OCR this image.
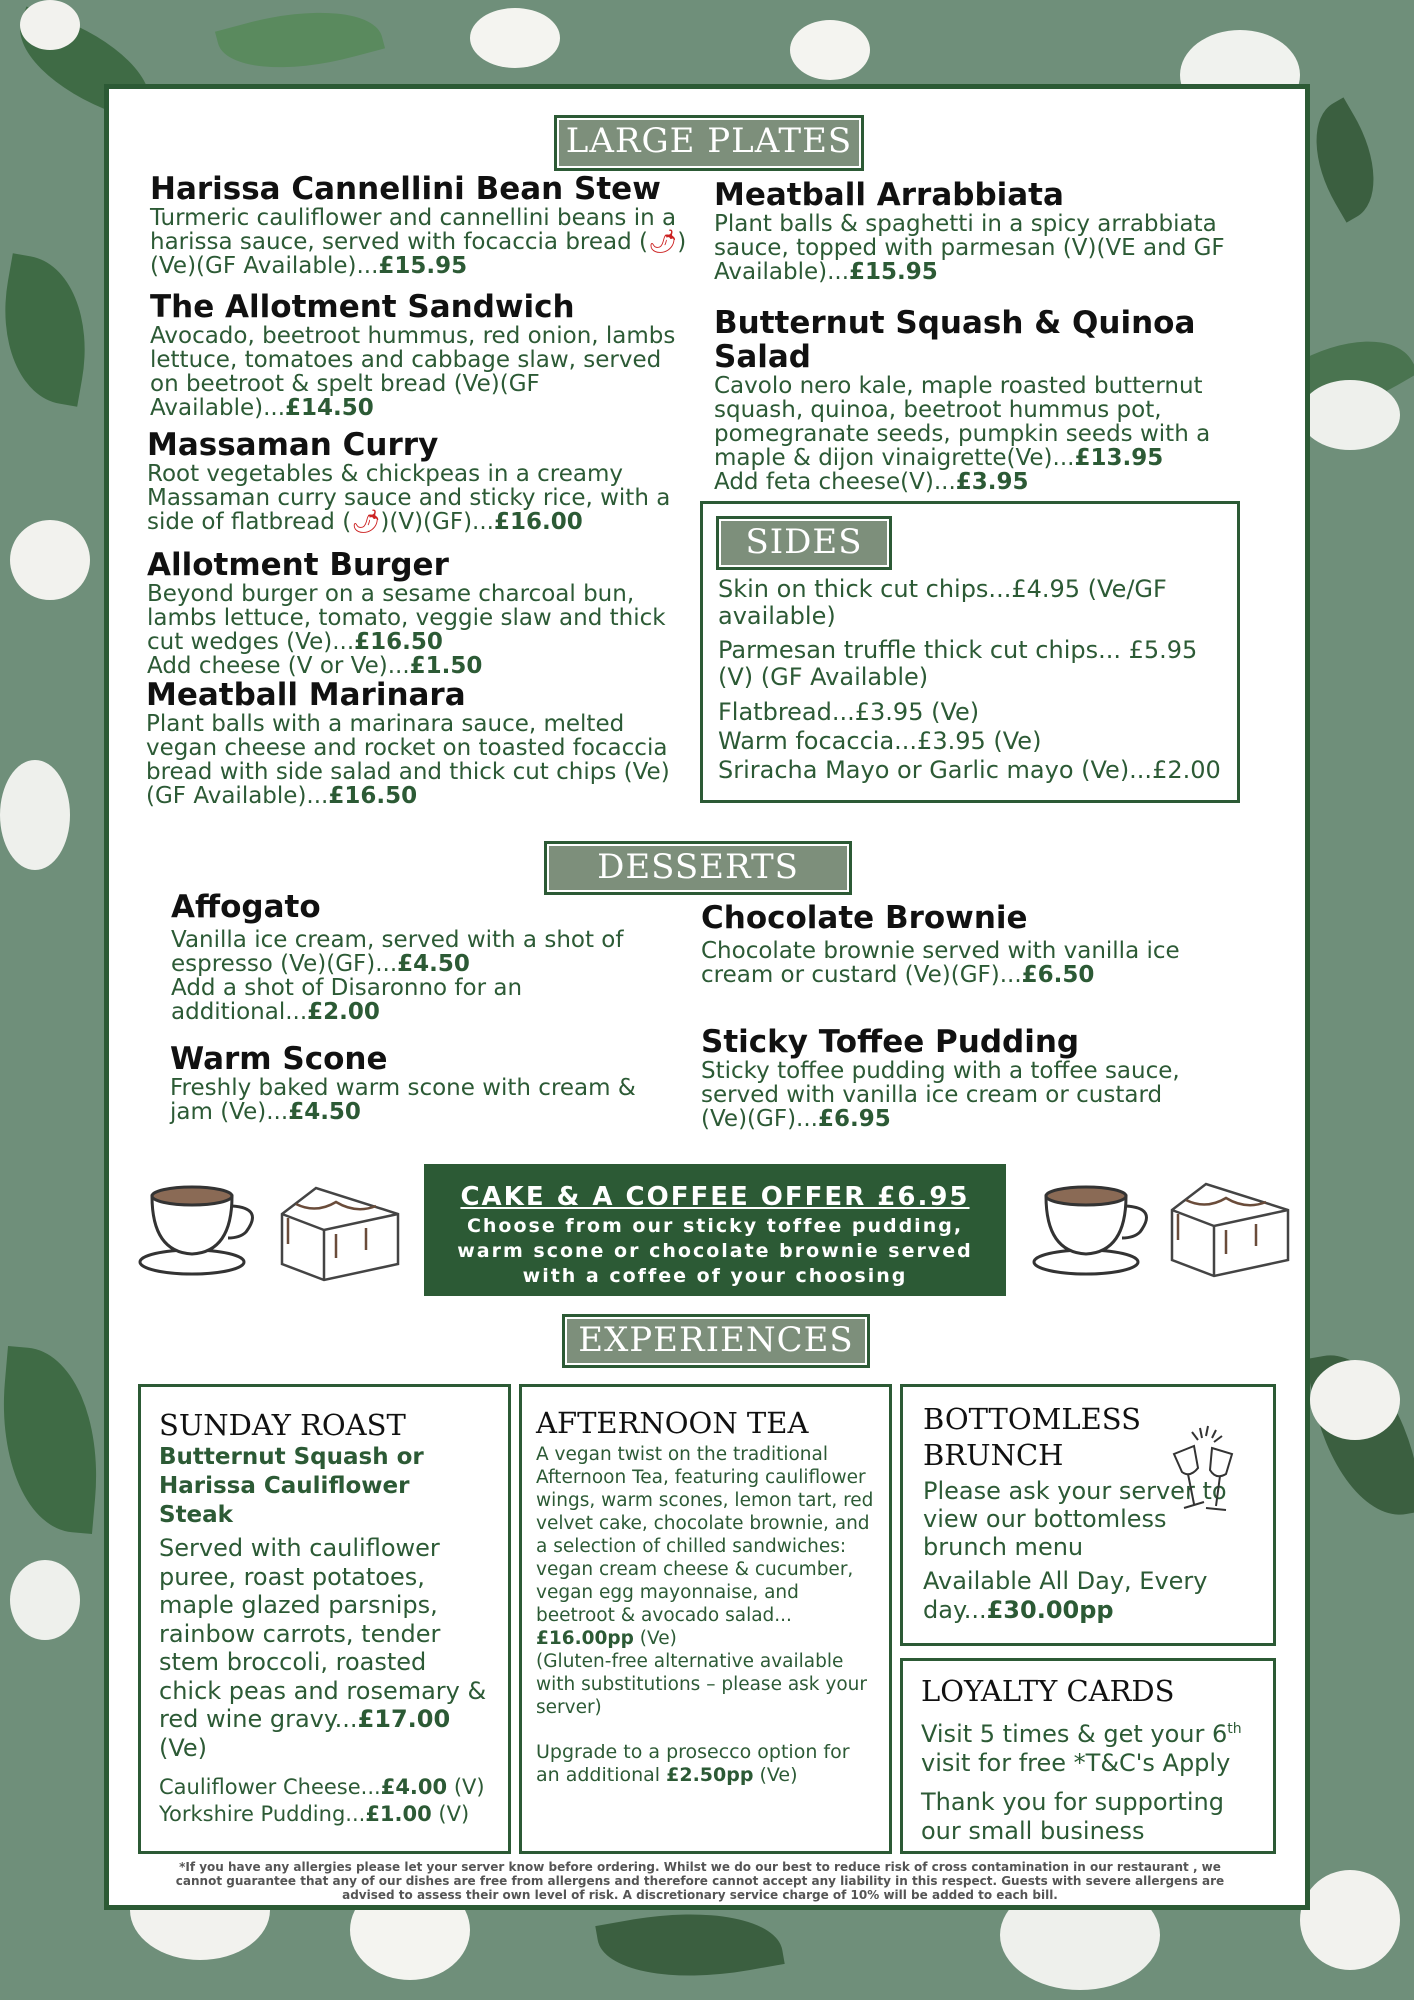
LARGE PLATES
Harissa Cannellini Bean Stew

Turmeric cauliflower and cannellini beans in a harissa sauce, served with focaccia bread (🌶) (Ve)(GF Available)...£15.95

The Allotment Sandwich

Avocado, beetroot hummus, red onion, lambs lettuce, tomatoes and cabbage slaw, served on beetroot & spelt bread (Ve)(GF Available)...£14.50

Massaman Curry

Root vegetables & chickpeas in a creamy Massaman curry sauce and sticky rice, with a side of flatbread (🌶)(V)(GF)...£16.00

Allotment Burger

Beyond burger on a sesame charcoal bun, lambs lettuce, tomato, veggie slaw and thick cut wedges (Ve)...£16.50
Add cheese (V or Ve)...£1.50

Meatball Marinara

Plant balls with a marinara sauce, melted vegan cheese and rocket on toasted focaccia bread with side salad and thick cut chips (Ve)(GF Available)...£16.50

Meatball Arrabbiata

Plant balls & spaghetti in a spicy arrabbiata sauce, topped with parmesan (V)(VE and GF Available)...£15.95

Butternut Squash & Quinoa Salad

Cavolo nero kale, maple roasted butternut squash, quinoa, beetroot hummus pot, pomegranate seeds, pumpkin seeds with a maple & dijon vinaigrette(Ve)...£13.95
Add feta cheese(V)...£3.95

SIDES
Skin on thick cut chips...£4.95 (Ve/GF available)
Parmesan truffle thick cut chips... £5.95 (V) (GF Available)
Flatbread...£3.95 (Ve)
Warm focaccia...£3.95 (Ve)
Sriracha Mayo or Garlic mayo (Ve)...£2.00
DESSERTS
Affogato

Vanilla ice cream, served with a shot of espresso (Ve)(GF)...£4.50
Add a shot of Disaronno for an additional...£2.00

Warm Scone

Freshly baked warm scone with cream & jam (Ve)...£4.50

Chocolate Brownie

Chocolate brownie served with vanilla ice cream or custard (Ve)(GF)...£6.50

Sticky Toffee Pudding

Sticky toffee pudding with a toffee sauce, served with vanilla ice cream or custard (Ve)(GF)...£6.95

CAKE & A COFFEE OFFER £6.95
Choose from our sticky toffee pudding,
warm scone or chocolate brownie served
with a coffee of your choosing
EXPERIENCES
SUNDAY ROAST
Butternut Squash or Harissa Cauliflower Steak
Served with cauliflower puree, roast potatoes, maple glazed parsnips, rainbow carrots, tender stem broccoli, roasted chick peas and rosemary & red wine gravy...£17.00 (Ve)
Cauliflower Cheese...£4.00 (V)
Yorkshire Pudding...£1.00 (V)
AFTERNOON TEA
A vegan twist on the traditional Afternoon Tea, featuring cauliflower wings, warm scones, lemon tart, red velvet cake, chocolate brownie, and a selection of chilled sandwiches: vegan cream cheese & cucumber, vegan egg mayonnaise, and beetroot & avocado salad...
£16.00pp (Ve)
(Gluten-free alternative available with substitutions – please ask your server)
Upgrade to a prosecco option for an additional £2.50pp (Ve)
BOTTOMLESS
BRUNCH
Please ask your server to view our bottomless brunch menu
Available All Day, Every day...£30.00pp
LOYALTY CARDS
Visit 5 times & get your 6th visit for free *T&C's Apply
Thank you for supporting our small business
*If you have any allergies please let your server know before ordering. Whilst we do our best to reduce risk of cross contamination in our restaurant , we cannot guarantee that any of our dishes are free from allergens and therefore cannot accept any liability in this respect. Guests with severe allergens are advised to assess their own level of risk. A discretionary service charge of 10% will be added to each bill.
